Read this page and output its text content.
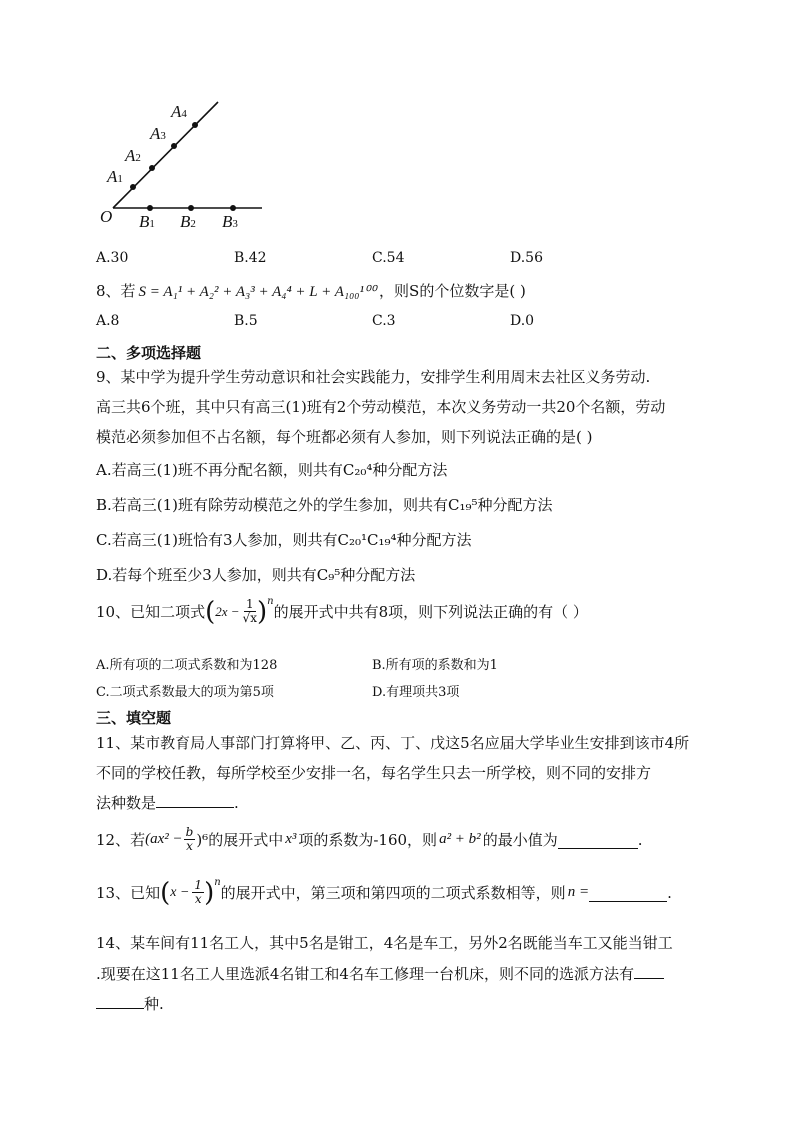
O
A1
A2
A3
A4
B1 B2 B3
A.30	B.42	C.54	D.56
8、若 S = A₁¹ + A₂² + A₃³ + A₄⁴ + L + A₁₀₀¹⁰⁰ ，则S的个位数字是( )
A.8	B.5	C.3	D.0
二、多项选择题
9、某中学为提升学生劳动意识和社会实践能力，安排学生利用周末去社区义务劳动.
高三共6个班，其中只有高三(1)班有2个劳动模范，本次义务劳动一共20个名额，劳动
模范必须参加但不占名额，每个班都必须有人参加，则下列说法正确的是( )
A.若高三(1)班不再分配名额，则共有C₂₀⁴种分配方法
B.若高三(1)班有除劳动模范之外的学生参加，则共有C₁₉⁵种分配方法
C.若高三(1)班恰有3人参加，则共有C₂₀¹C₁₉⁴种分配方法
D.若每个班至少3人参加，则共有C₉⁵种分配方法
10、已知二项式 ( $2x - \frac{1}{√x}$ ) n
的展开式中共有8项，则下列说法正确的有（ ）
A.所有项的二项式系数和为128	B.所有项的系数和为1
C.二项式系数最大的项为第5项	D.有理项共3项
三、填空题
11、某市教育局人事部门打算将甲、乙、丙、丁、戊这5名应届大学毕业生安排到该市4所
不同的学校任教，每所学校至少安排一名，每名学生只去一所学校，则不同的安排方
法种数是	.
12、若 $(ax^2 - \frac{b}{x} )^6$ 的展开式中 x³ 项的系数为-160，则 a² + b² 的最小值为	.
13、已知 ( $x - \frac{1}{x}$ ) n
的展开式中，第三项和第四项的二项式系数相等，则 n =	.
14、某车间有11名工人，其中5名是钳工，4名是车工，另外2名既能当车工又能当钳工
.现要在这11名工人里选派4名钳工和4名车工修理一台机床，则不同的选派方法有
种.
